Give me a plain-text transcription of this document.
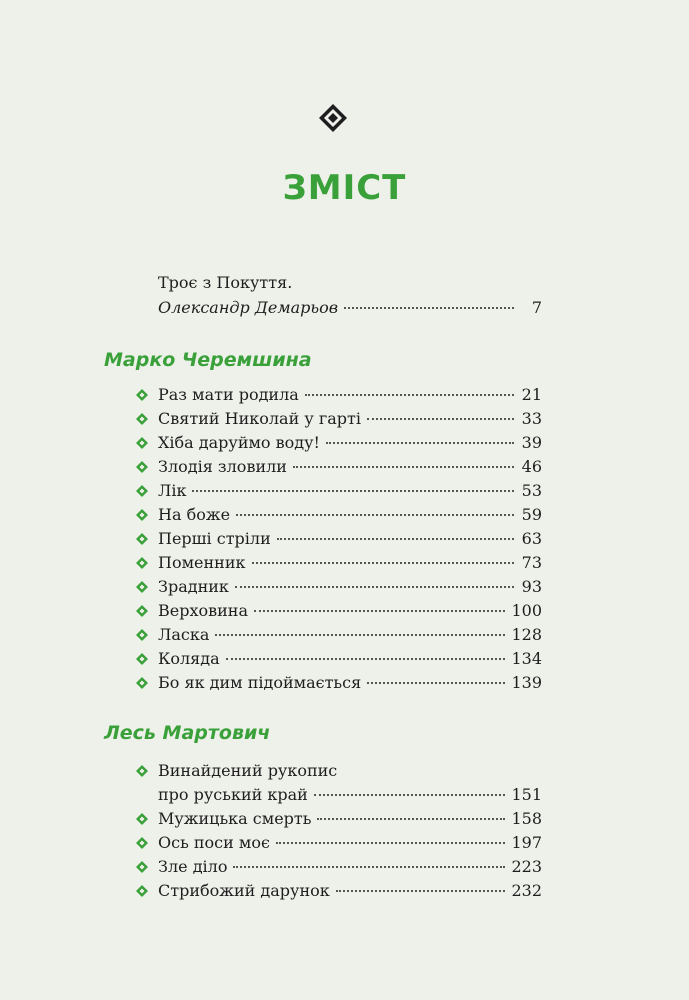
ЗМІСТ
Троє з Покуття.
Олександр Демарьов	7
Марко Черемшина
Раз мати родила	21
Святий Николай у гарті	33
Хіба даруймо воду!	39
Злодія зловили	46
Лік	53
На боже	59
Перші стріли	63
Поменник	73
Зрадник	93
Верховина	100
Ласка	128
Коляда	134
Бо як дим підоймається	139
Лесь Мартович
Винайдений рукопис
про руський край	151
Мужицька смерть	158
Ось поси моє	197
Зле діло	223
Стрибожий дарунок	232
